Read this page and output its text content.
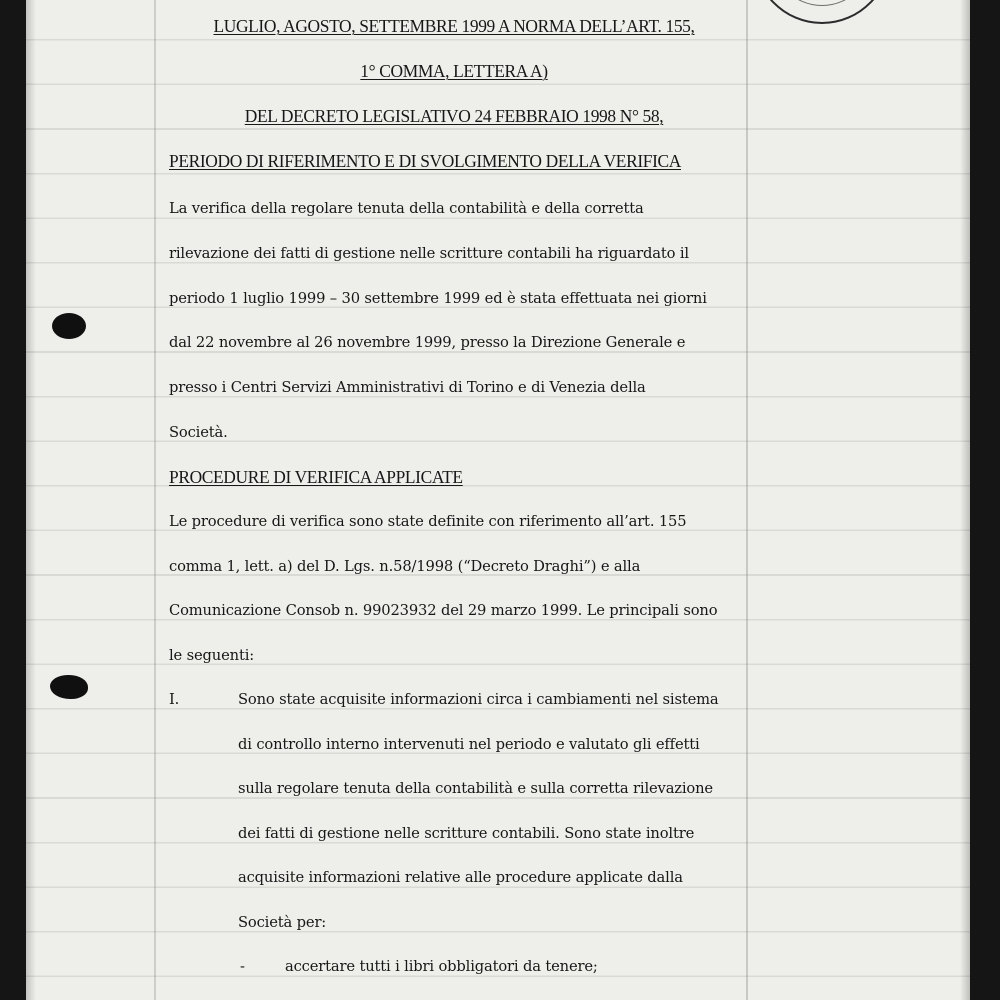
LUGLIO, AGOSTO, SETTEMBRE 1999 A NORMA DELL’ART. 155,

1° COMMA, LETTERA A)

DEL DECRETO LEGISLATIVO 24 FEBBRAIO 1998 N° 58,

PERIODO DI RIFERIMENTO E DI SVOLGIMENTO DELLA VERIFICA

La verifica della regolare tenuta della contabilità e della corretta

rilevazione dei fatti di gestione nelle scritture contabili ha riguardato il

periodo 1 luglio 1999 – 30 settembre 1999 ed è stata effettuata nei giorni

dal 22 novembre al 26 novembre 1999, presso la Direzione Generale e

presso i Centri Servizi Amministrativi di Torino e di Venezia della

Società.

PROCEDURE DI VERIFICA APPLICATE

Le procedure di verifica sono state definite con riferimento all’art. 155

comma 1, lett. a) del D. Lgs. n.58/1998 (“Decreto Draghi”) e alla

Comunicazione Consob n. 99023932 del 29 marzo 1999. Le principali sono

le seguenti:

I.	Sono state acquisite informazioni circa i cambiamenti nel sistema

di controllo interno intervenuti nel periodo e valutato gli effetti

sulla regolare tenuta della contabilità e sulla corretta rilevazione

dei fatti di gestione nelle scritture contabili. Sono state inoltre

acquisite informazioni relative alle procedure applicate dalla

Società per:

-	accertare tutti i libri obbligatori da tenere;
